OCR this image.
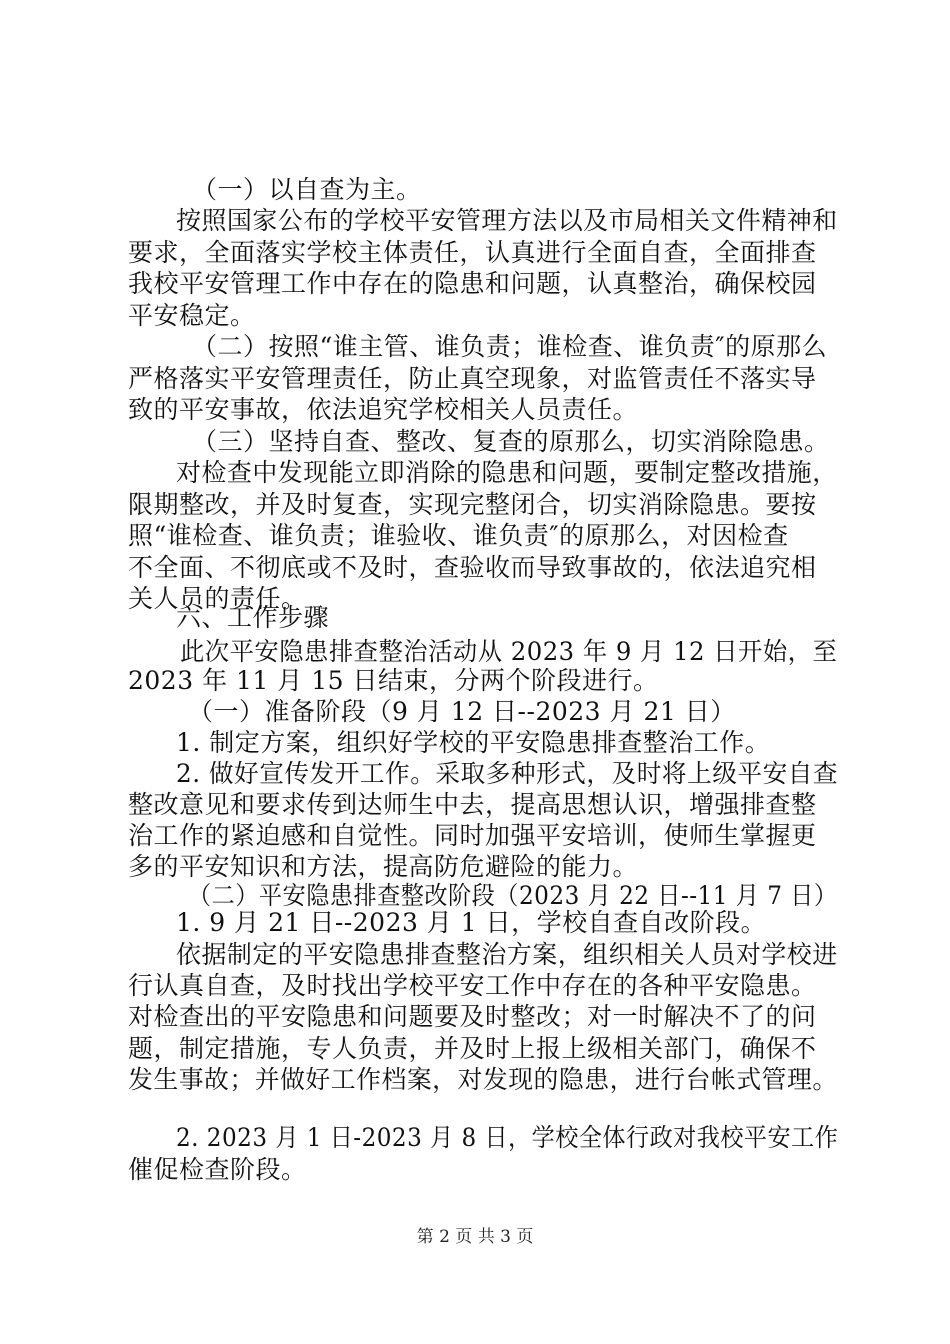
（一）以自查为主。
按照国家公布的学校平安管理方法以及市局相关文件精神和
要求，全面落实学校主体责任，认真进行全面自查，全面排查
我校平安管理工作中存在的隐患和问题，认真整治，确保校园
平安稳定。
（二）按照“谁主管、谁负责；谁检查、谁负责″的原那么
严格落实平安管理责任，防止真空现象，对监管责任不落实导
致的平安事故，依法追究学校相关人员责任。
（三）坚持自查、整改、复查的原那么，切实消除隐患。
对检查中发现能立即消除的隐患和问题，要制定整改措施，
限期整改，并及时复查，实现完整闭合，切实消除隐患。要按
照“谁检查、谁负责；谁验收、谁负责″的原那么，对因检查
不全面、不彻底或不及时，查验收而导致事故的，依法追究相
关人员的责任。
六、工作步骤
此次平安隐患排查整治活动从 2023 年 9 月 12 日开始，至
2023 年 11 月 15 日结束，分两个阶段进行。
（一）准备阶段（9 月 12 日--2023 月 21 日）
1. 制定方案，组织好学校的平安隐患排查整治工作。
2. 做好宣传发开工作。采取多种形式，及时将上级平安自查
整改意见和要求传到达师生中去，提高思想认识，增强排查整
治工作的紧迫感和自觉性。同时加强平安培训，使师生掌握更
多的平安知识和方法，提高防危避险的能力。
（二）平安隐患排查整改阶段（2023 月 22 日--11 月 7 日）
1. 9 月 21 日--2023 月 1 日，学校自查自改阶段。
依据制定的平安隐患排查整治方案，组织相关人员对学校进
行认真自查，及时找出学校平安工作中存在的各种平安隐患。
对检查出的平安隐患和问题要及时整改；对一时解决不了的问
题，制定措施，专人负责，并及时上报上级相关部门，确保不
发生事故；并做好工作档案，对发现的隐患，进行台帐式管理。
2. 2023 月 1 日-2023 月 8 日，学校全体行政对我校平安工作
催促检查阶段。
第 2 页 共 3 页
